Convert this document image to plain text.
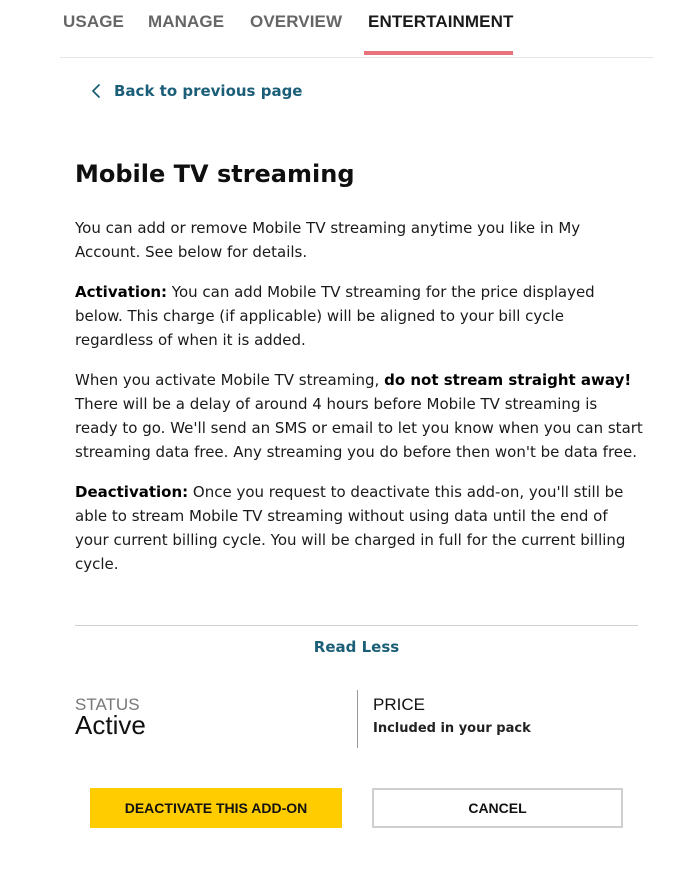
USAGE MANAGE OVERVIEW ENTERTAINMENT
Back to previous page
Mobile TV streaming

You can add or remove Mobile TV streaming anytime you like in My Account. See below for details.

Activation: You can add Mobile TV streaming for the price displayed below. This charge (if applicable) will be aligned to your bill cycle regardless of when it is added.

When you activate Mobile TV streaming, do not stream straight away! There will be a delay of around 4 hours before Mobile TV streaming is ready to go. We'll send an SMS or email to let you know when you can start streaming data free. Any streaming you do before then won't be data free.

Deactivation: Once you request to deactivate this add-on, you'll still be able to stream Mobile TV streaming without using data until the end of your current billing cycle. You will be charged in full for the current billing cycle.

Read Less
STATUS
Active
PRICE
Included in your pack
DEACTIVATE THIS ADD-ON	CANCEL
